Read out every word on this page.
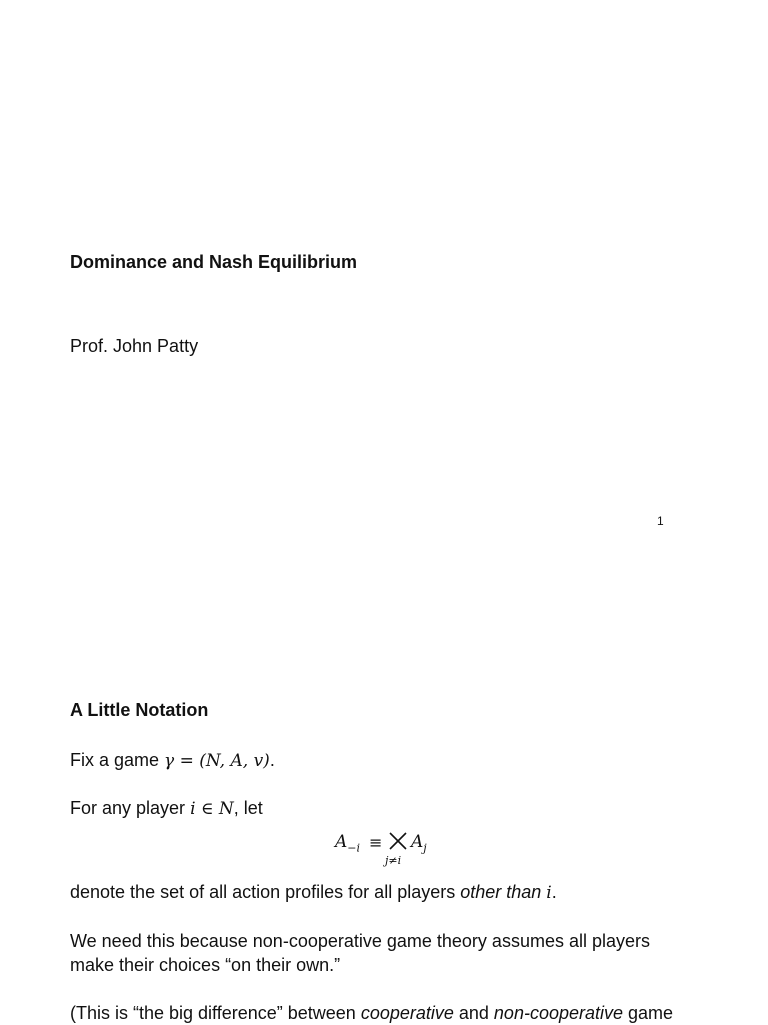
Dominance and Nash Equilibrium
Prof. John Patty
1
A Little Notation
Fix a game γ = (N, A, v).
For any player i ∈ N, let
$A_{-i} \equiv A_j$
j≠i
denote the set of all action profiles for all players other than i.
We need this because non-cooperative game theory assumes all players
make their choices “on their own.”
(This is “the big difference” between cooperative and non-cooperative game
